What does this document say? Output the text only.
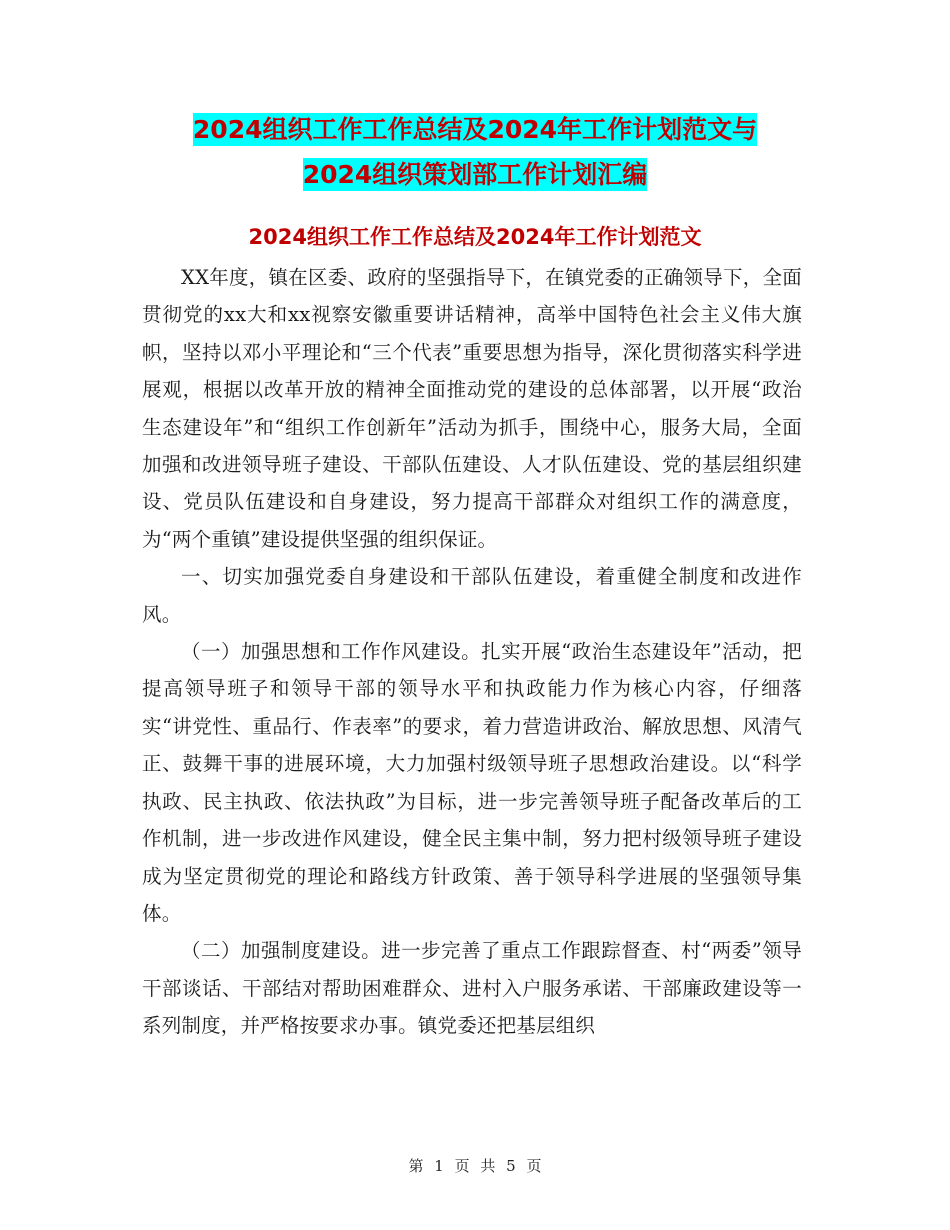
2024组织工作工作总结及2024年工作计划范文与
2024组织策划部工作计划汇编
2024组织工作工作总结及2024年工作计划范文

XX年度，镇在区委、政府的坚强指导下，在镇党委的正确领导下，全面贯彻党的xx大和xx视察安徽重要讲话精神，高举中国特色社会主义伟大旗帜，坚持以邓小平理论和“三个代表”重要思想为指导，深化贯彻落实科学进展观，根据以改革开放的精神全面推动党的建设的总体部署，以开展“政治生态建设年”和“组织工作创新年”活动为抓手，围绕中心，服务大局，全面加强和改进领导班子建设、干部队伍建设、人才队伍建设、党的基层组织建设、党员队伍建设和自身建设，努力提高干部群众对组织工作的满意度，为“两个重镇”建设提供坚强的组织保证。

一、切实加强党委自身建设和干部队伍建设，着重健全制度和改进作风。

（一）加强思想和工作作风建设。扎实开展“政治生态建设年”活动，把提高领导班子和领导干部的领导水平和执政能力作为核心内容，仔细落实“讲党性、重品行、作表率”的要求，着力营造讲政治、解放思想、风清气正、鼓舞干事的进展环境，大力加强村级领导班子思想政治建设。以“科学执政、民主执政、依法执政”为目标，进一步完善领导班子配备改革后的工作机制，进一步改进作风建设，健全民主集中制，努力把村级领导班子建设成为坚定贯彻党的理论和路线方针政策、善于领导科学进展的坚强领导集体。

（二）加强制度建设。进一步完善了重点工作跟踪督查、村“两委”领导干部谈话、干部结对帮助困难群众、进村入户服务承诺、干部廉政建设等一系列制度，并严格按要求办事。镇党委还把基层组织

第 1 页 共 5 页
